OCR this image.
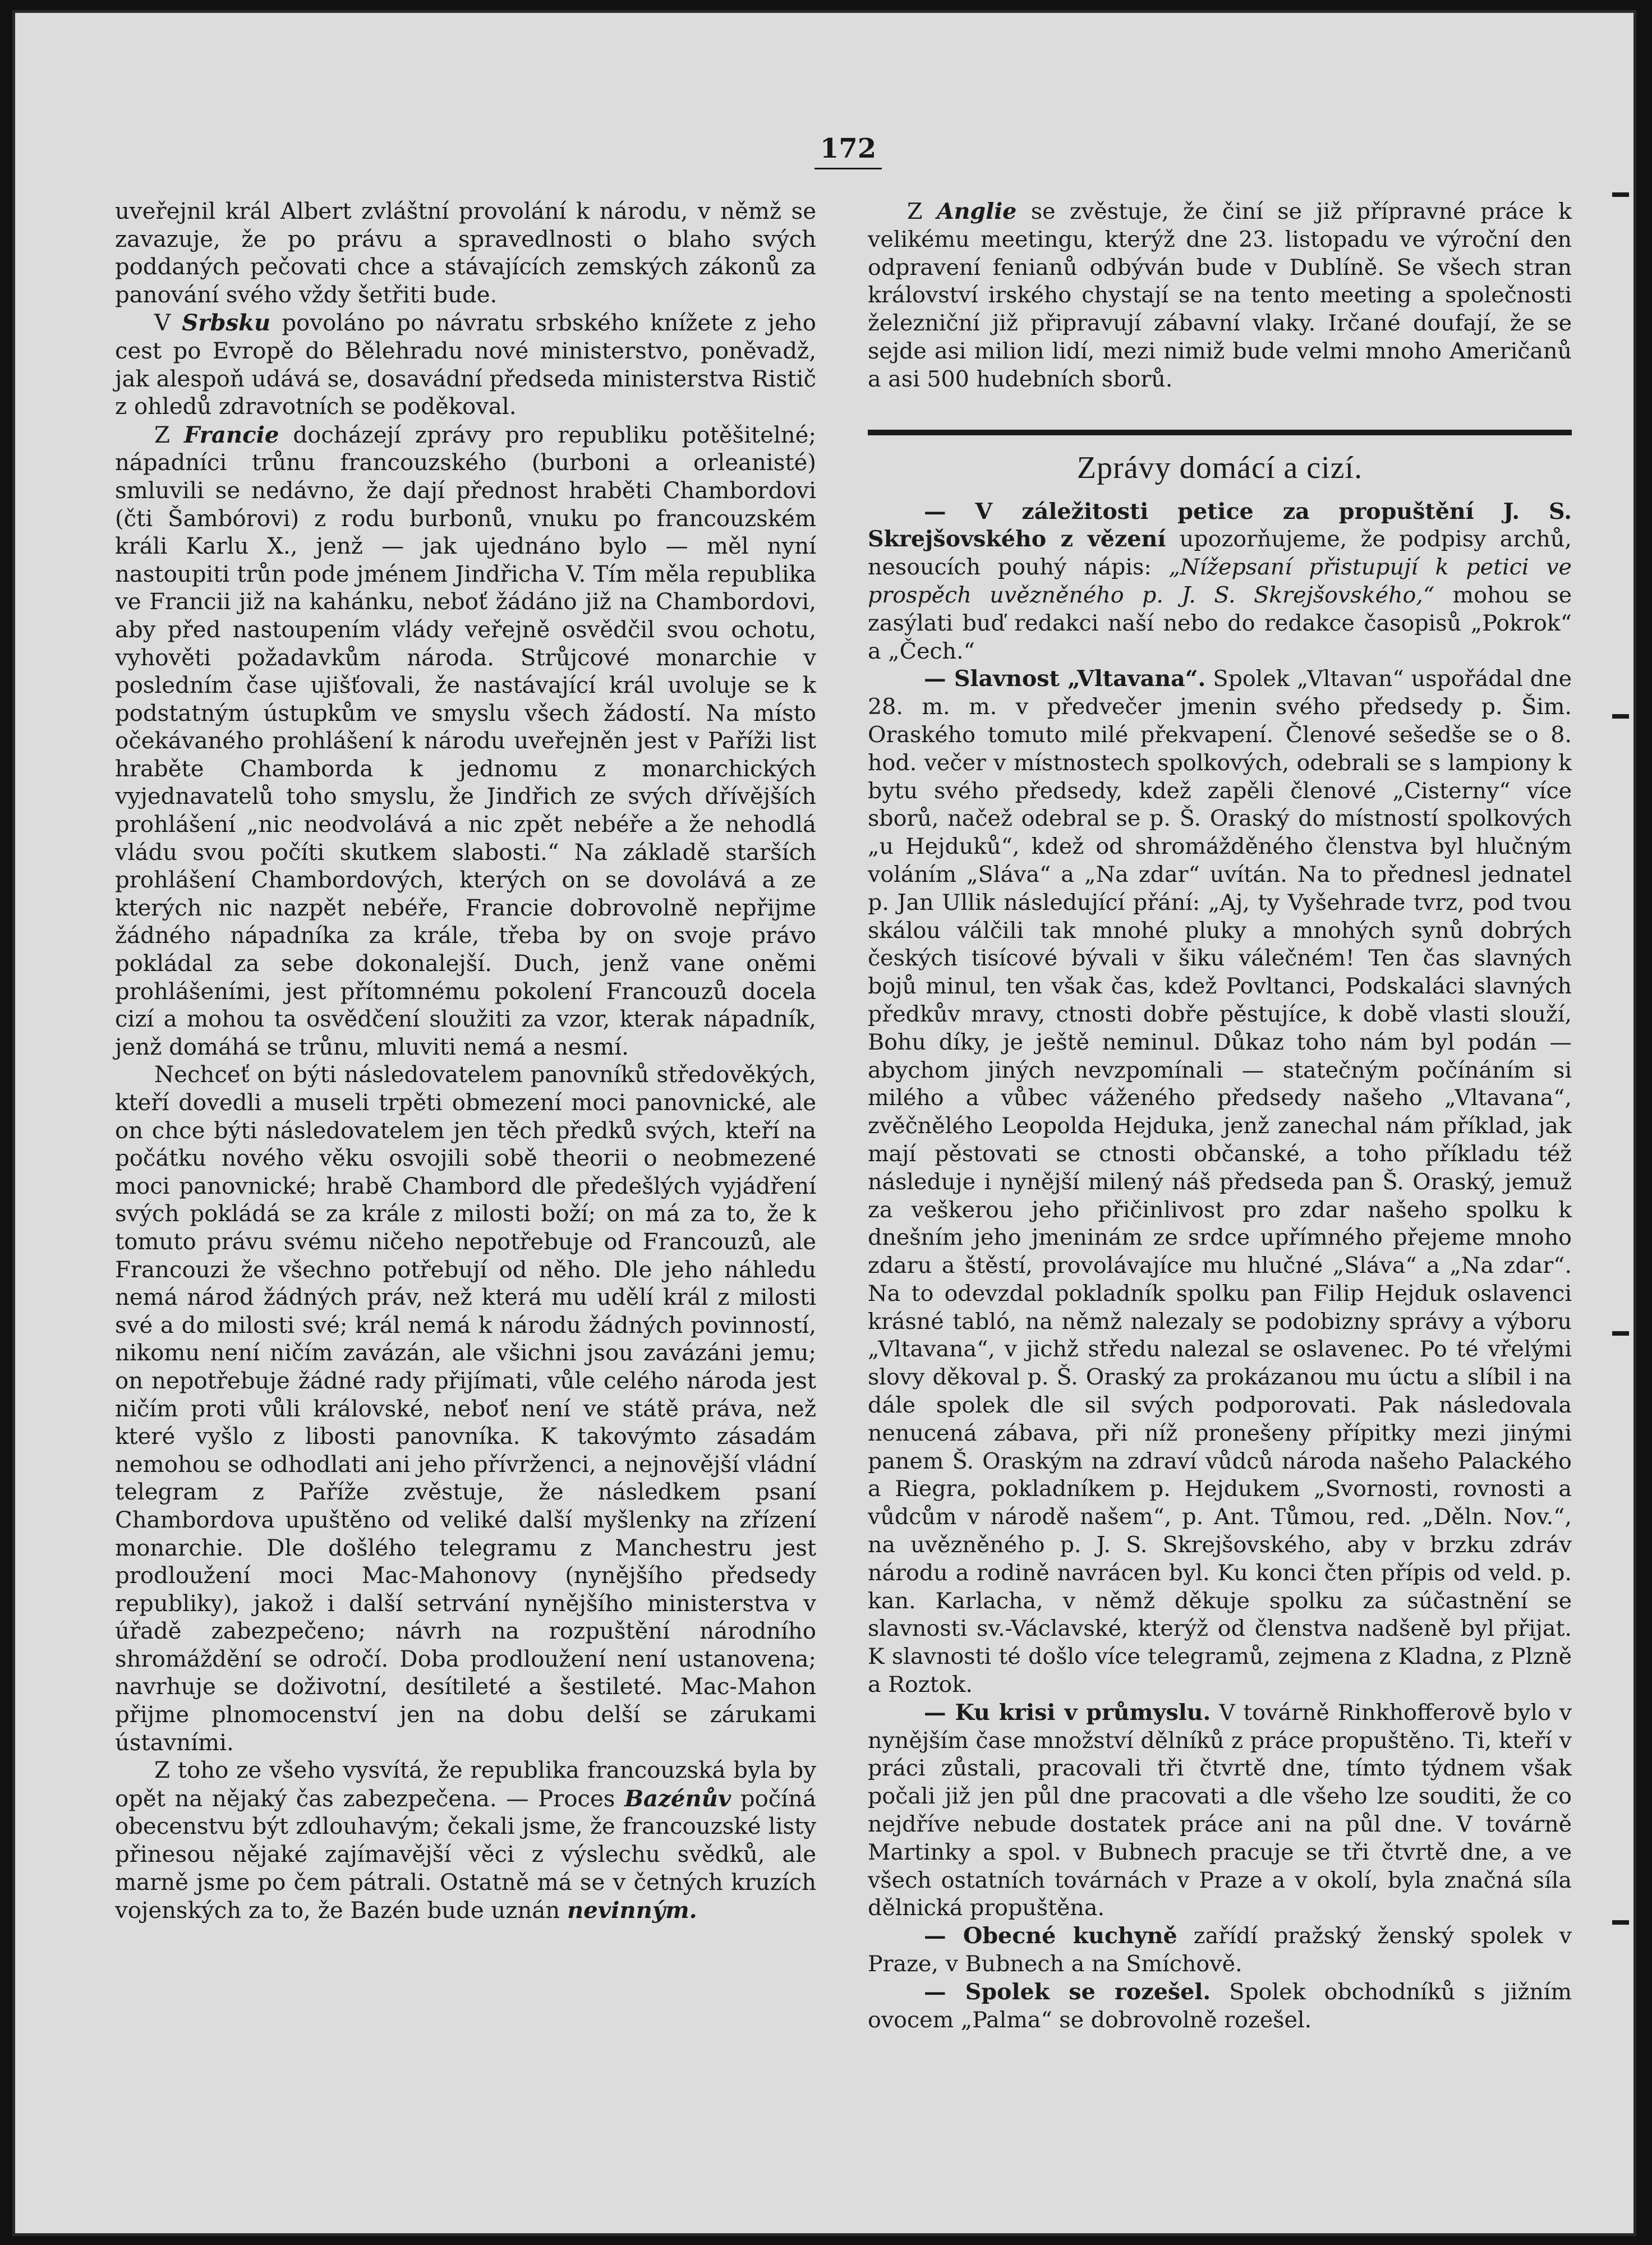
172

uveřejnil král Albert zvláštní provolání k národu, v němž se zavazuje, že po právu a spravedlnosti o blaho svých poddaných pečovati chce a stávajících zemských zákonů za panování svého vždy šetřiti bude.

V Srbsku povoláno po návratu srbského knížete z jeho cest po Evropě do Bělehradu nové ministerstvo, poněvadž, jak alespoň udává se, dosavádní předseda ministerstva Ristič z ohledů zdravotních se poděkoval.

Z Francie docházejí zprávy pro republiku potěšitelné; nápadníci trůnu francouzského (burboni a orleanisté) smluvili se nedávno, že dají přednost hraběti Chambordovi (čti Šambórovi) z rodu burbonů, vnuku po francouzském králi Karlu X., jenž — jak ujednáno bylo — měl nyní nastoupiti trůn pode jménem Jindřicha V. Tím měla republika ve Francii již na kahánku, neboť žádáno již na Chambordovi, aby před nastoupením vlády veřejně osvědčil svou ochotu, vyhověti požadavkům národa. Strůjcové monarchie v posledním čase ujišťovali, že nastávající král uvoluje se k podstatným ústupkům ve smyslu všech žádostí. Na místo očekávaného prohlášení k národu uveřejněn jest v Paříži list hraběte Chamborda k jednomu z monarchických vyjednavatelů toho smyslu, že Jindřich ze svých dřívějších prohlášení „nic neodvolává a nic zpět nebéře a že nehodlá vládu svou počíti skutkem slabosti.“ Na základě starších prohlášení Chambordových, kterých on se dovolává a ze kterých nic nazpět nebéře, Francie dobrovolně nepřijme žádného nápadníka za krále, třeba by on svoje právo pokládal za sebe dokonalejší. Duch, jenž vane oněmi prohlášeními, jest přítomnému pokolení Francouzů docela cizí a mohou ta osvědčení sloužiti za vzor, kterak nápadník, jenž domáhá se trůnu, mluviti nemá a nesmí.

Nechceť on býti následovatelem panovníků středověkých, kteří dovedli a museli trpěti obmezení moci panovnické, ale on chce býti následovatelem jen těch předků svých, kteří na počátku nového věku osvojili sobě theorii o neobmezené moci panovnické; hrabě Chambord dle předešlých vyjádření svých pokládá se za krále z milosti boží; on má za to, že k tomuto právu svému ničeho nepotřebuje od Francouzů, ale Francouzi že všechno potřebují od něho. Dle jeho náhledu nemá národ žádných práv, než která mu udělí král z milosti své a do milosti své; král nemá k národu žádných povinností, nikomu není ničím zavázán, ale všichni jsou zavázáni jemu; on nepotřebuje žádné rady přijímati, vůle celého národa jest ničím proti vůli královské, neboť není ve státě práva, než které vyšlo z libosti panovníka. K takovýmto zásadám nemohou se odhodlati ani jeho přívrženci, a nejnovější vládní telegram z Paříže zvěstuje, že následkem psaní Chambordova upuštěno od veliké další myšlenky na zřízení monarchie. Dle došlého telegramu z Manchestru jest prodloužení moci Mac-Mahonovy (nynějšího předsedy republiky), jakož i další setrvání nynějšího ministerstva v úřadě zabezpečeno; návrh na rozpuštění národního shromáždění se odročí. Doba prodloužení není ustanovena; navrhuje se doživotní, desítileté a šestileté. Mac-Mahon přijme plnomocenství jen na dobu delší se zárukami ústavními.

Z toho ze všeho vysvítá, že republika francouzská byla by opět na nějaký čas zabezpečena. — Proces Bazénův počíná obecenstvu být zdlouhavým; čekali jsme, že francouzské listy přinesou nějaké zajímavější věci z výslechu svědků, ale marně jsme po čem pátrali. Ostatně má se v četných kruzích vojenských za to, že Bazén bude uznán nevinným.

Z Anglie se zvěstuje, že činí se již přípravné práce k velikému meetingu, kterýž dne 23. listopadu ve výroční den odpravení fenianů odbýván bude v Dublíně. Se všech stran království irského chystají se na tento meeting a společnosti železniční již připravují zábavní vlaky. Irčané doufají, že se sejde asi milion lidí, mezi nimiž bude velmi mnoho Američanů a asi 500 hudebních sborů.

Zprávy domácí a cizí.

— V záležitosti petice za propuštění J. S. Skrejšovského z vězení upozorňujeme, že podpisy archů, nesoucích pouhý nápis: „Nížepsaní přistupují k petici ve prospěch uvězněného p. J. S. Skrejšovského,“ mohou se zasýlati buď redakci naší nebo do redakce časopisů „Pokrok“ a „Čech.“

— Slavnost „Vltavana“. Spolek „Vltavan“ uspořádal dne 28. m. m. v předvečer jmenin svého předsedy p. Šim. Oraského tomuto milé překvapení. Členové sešedše se o 8. hod. večer v místnostech spolkových, odebrali se s lampiony k bytu svého předsedy, kdež zapěli členové „Cisterny“ více sborů, načež odebral se p. Š. Oraský do místností spolkových „u Hejduků“, kdež od shromážděného členstva byl hlučným voláním „Sláva“ a „Na zdar“ uvítán. Na to přednesl jednatel p. Jan Ullik následující přání: „Aj, ty Vyšehrade tvrz, pod tvou skálou válčili tak mnohé pluky a mnohých synů dobrých českých tisícové bývali v šiku válečném! Ten čas slavných bojů minul, ten však čas, kdež Povltanci, Podskaláci slavných předkův mravy, ctnosti dobře pěstujíce, k době vlasti slouží, Bohu díky, je ještě neminul. Důkaz toho nám byl podán — abychom jiných nevzpomínali — statečným počínáním si milého a vůbec váženého předsedy našeho „Vltavana“, zvěčnělého Leopolda Hejduka, jenž zanechal nám příklad, jak mají pěstovati se ctnosti občanské, a toho příkladu též následuje i nynější milený náš předseda pan Š. Oraský, jemuž za veškerou jeho přičinlivost pro zdar našeho spolku k dnešním jeho jmeninám ze srdce upřímného přejeme mnoho zdaru a štěstí, provolávajíce mu hlučné „Sláva“ a „Na zdar“. Na to odevzdal pokladník spolku pan Filip Hejduk oslavenci krásné tabló, na němž nalezaly se podobizny správy a výboru „Vltavana“, v jichž středu nalezal se oslavenec. Po té vřelými slovy děkoval p. Š. Oraský za prokázanou mu úctu a slíbil i na dále spolek dle sil svých podporovati. Pak následovala nenucená zábava, při níž pronešeny přípitky mezi jinými panem Š. Oraským na zdraví vůdců národa našeho Palackého a Riegra, pokladníkem p. Hejdukem „Svornosti, rovnosti a vůdcům v národě našem“, p. Ant. Tůmou, red. „Děln. Nov.“, na uvězněného p. J. S. Skrejšovského, aby v brzku zdráv národu a rodině navrácen byl. Ku konci čten přípis od veld. p. kan. Karlacha, v němž děkuje spolku za súčastnění se slavnosti sv.-Václavské, kterýž od členstva nadšeně byl přijat. K slavnosti té došlo více telegramů, zejmena z Kladna, z Plzně a Roztok.

— Ku krisi v průmyslu. V továrně Rinkhofferově bylo v nynějším čase množství dělníků z práce propuštěno. Ti, kteří v práci zůstali, pracovali tři čtvrtě dne, tímto týdnem však počali již jen půl dne pracovati a dle všeho lze souditi, že co nejdříve nebude dostatek práce ani na půl dne. V továrně Martinky a spol. v Bubnech pracuje se tři čtvrtě dne, a ve všech ostatních továrnách v Praze a v okolí, byla značná síla dělnická propuštěna.

— Obecné kuchyně zařídí pražský ženský spolek v Praze, v Bubnech a na Smíchově.

— Spolek se rozešel. Spolek obchodníků s jižním ovocem „Palma“ se dobrovolně rozešel.
